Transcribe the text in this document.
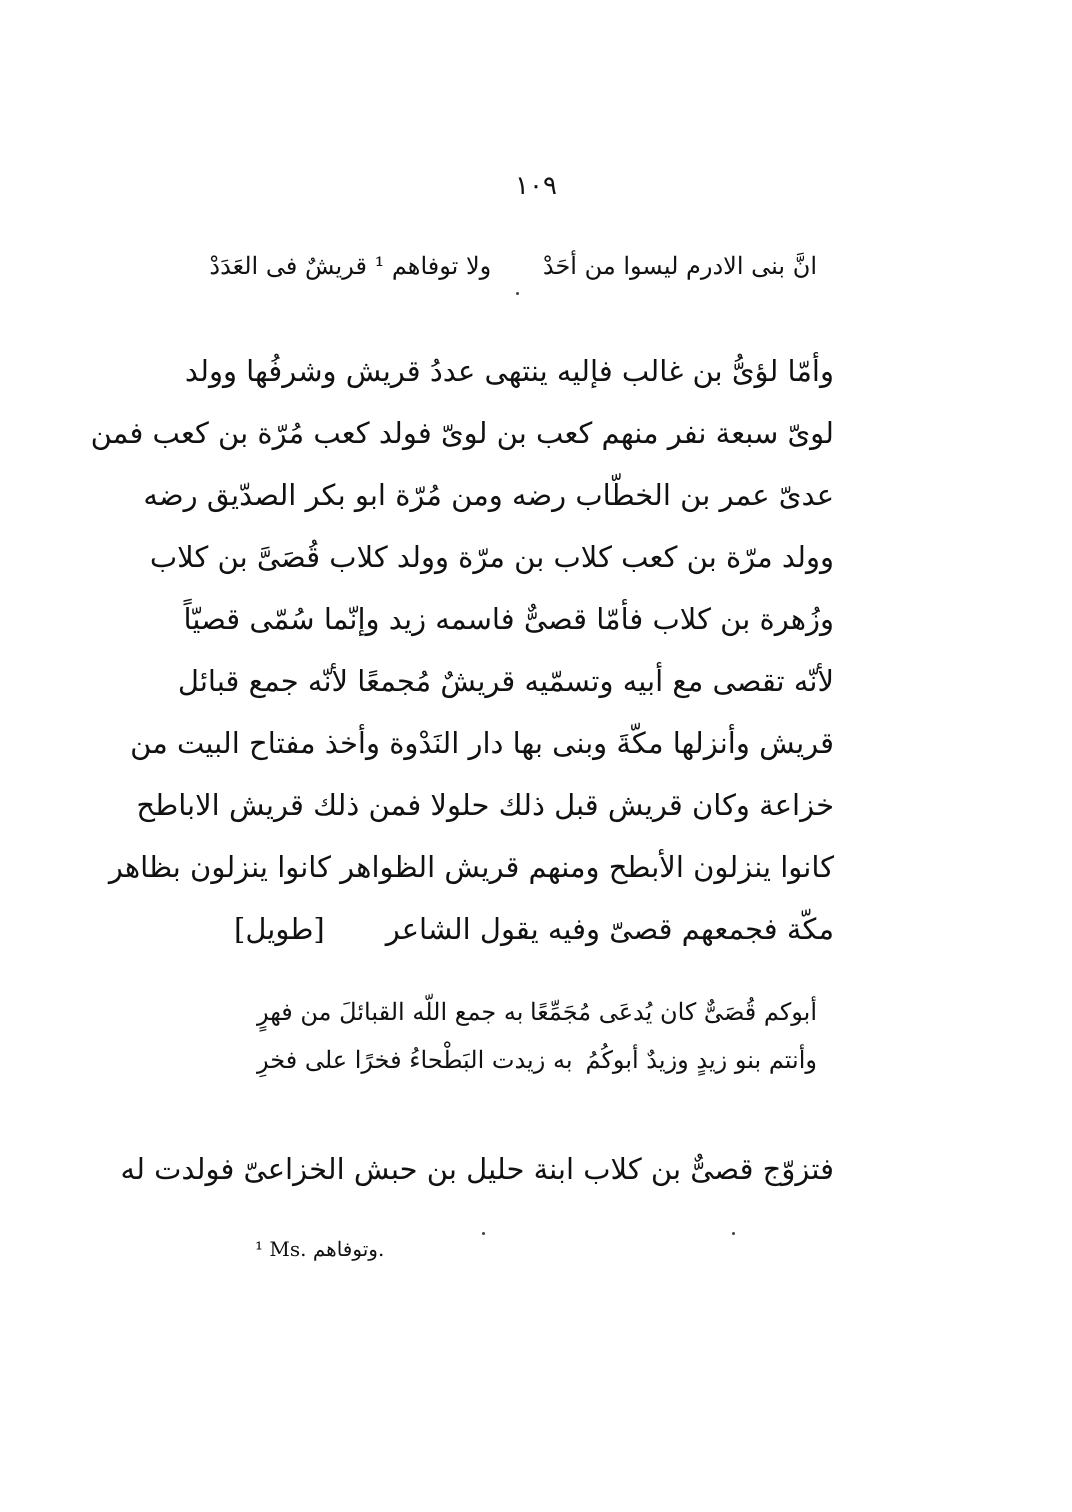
١٠٩
انَّ بنى الادرم ليسوا من أحَدْ ولا توفاهم ¹ قريشٌ فى العَدَدْ
وأمّا لؤىُّ بن غالب فإليه ينتهى عددُ قريش وشرفُها وولد
لوىّ سبعة نفر منهم كعب بن لوىّ فولد كعب مُرّة بن كعب فمن
عدىّ عمر بن الخطّاب رضه ومن مُرّة ابو بكر الصدّيق رضه
وولد مرّة بن كعب كلاب بن مرّة وولد كلاب قُصَىَّ بن كلاب
وزُهرة بن كلاب فأمّا قصىٌّ فاسمه زيد وإنّما سُمّى قصيّاً
لأنّه تقصى مع أبيه وتسمّيه قريشٌ مُجمعًا لأنّه جمع قبائل
قريش وأنزلها مكّةَ وبنى بها دار النَدْوة وأخذ مفتاح البيت من
خزاعة وكان قريش قبل ذلك حلولا فمن ذلك قريش الاباطح
كانوا ينزلون الأبطح ومنهم قريش الظواهر كانوا ينزلون بظاهر
مكّة فجمعهم قصىّ وفيه يقول الشاعر
[طويل]
أبوكم قُصَىٌّ كان يُدعَى مُجَمِّعًا
به جمع اللّه القبائلَ من فهرٍ
وأنتم بنو زيدٍ وزيدٌ أبوكُمُ
به زيدت البَطْحاءُ فخرًا على فخرِ
فتزوّج قصىٌّ بن كلاب ابنة حليل بن حبش الخزاعىّ فولدت له
¹ Ms. وتوفاهم.
